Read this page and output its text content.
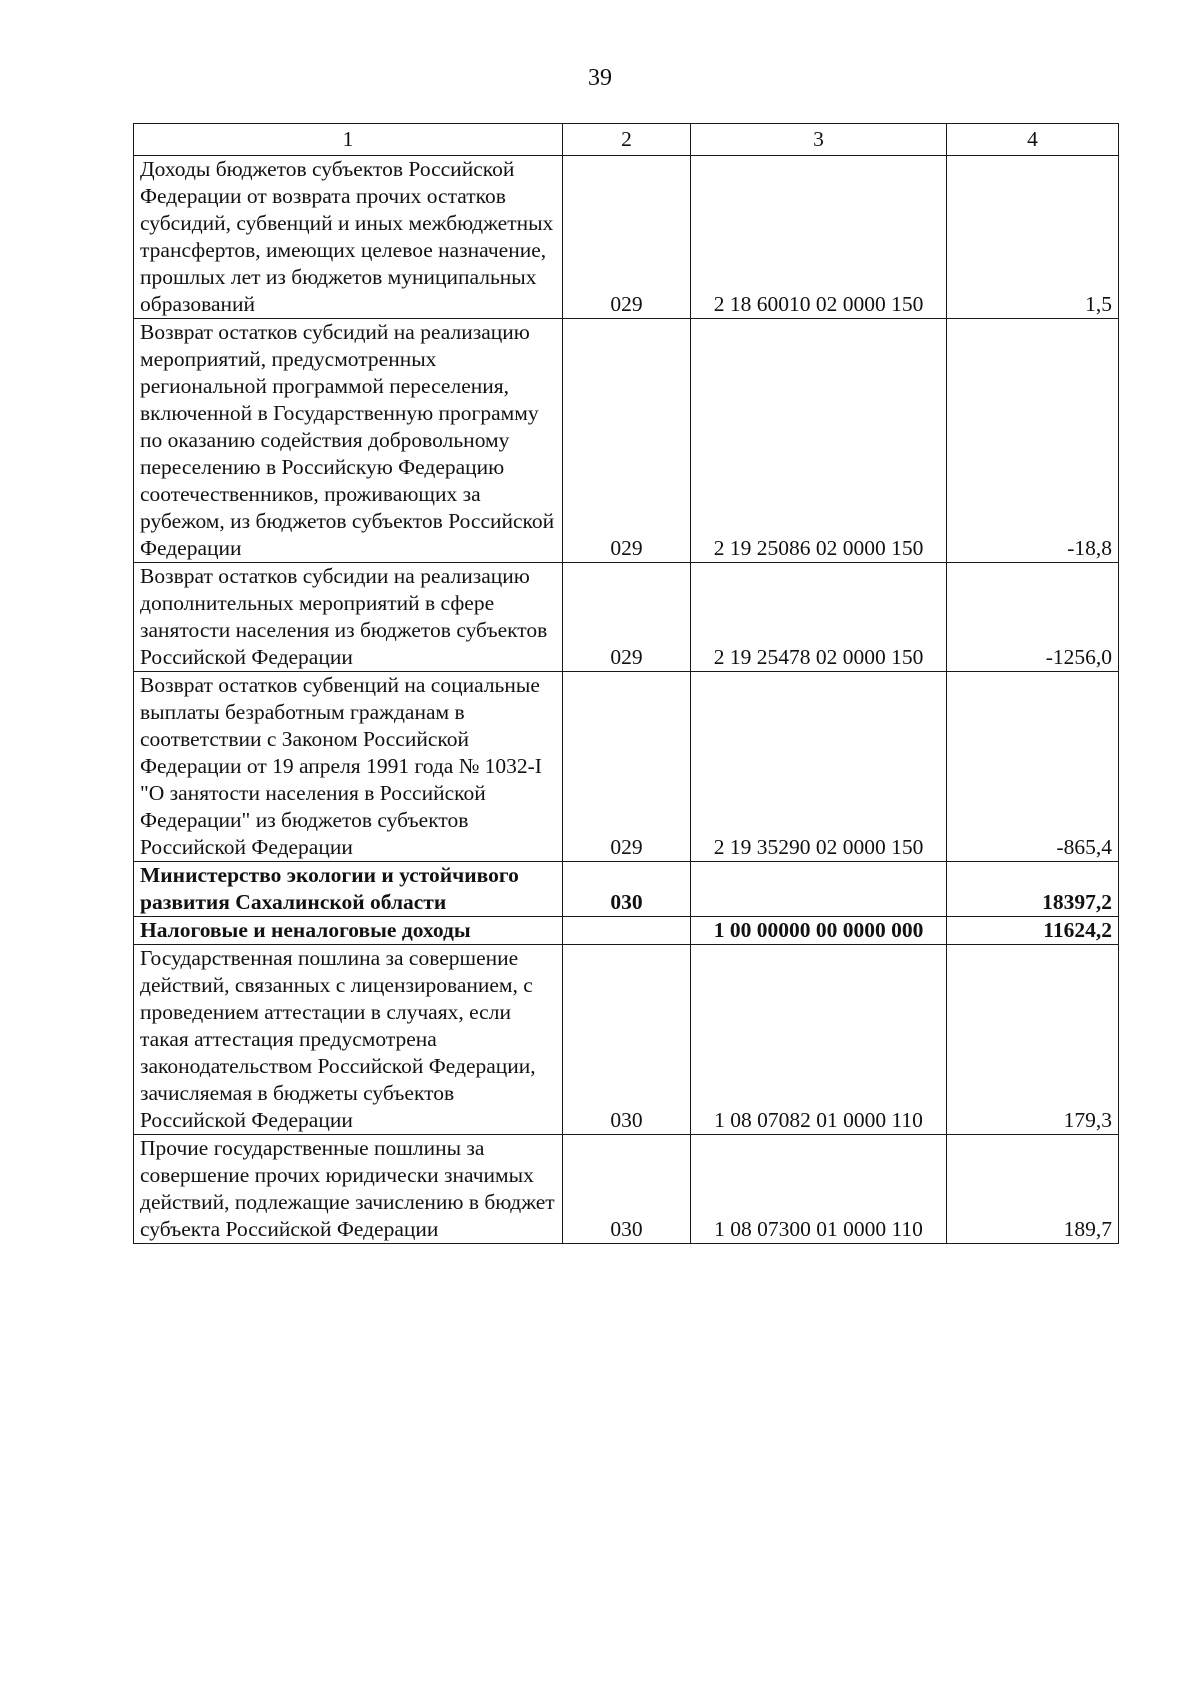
39
1	2	3	4
Доходы бюджетов субъектов Российской Федерации от возврата прочих остатков субсидий, субвенций и иных межбюджетных трансфертов, имеющих целевое назначение, прошлых лет из бюджетов муниципальных образований	029	2 18 60010 02 0000 150	1,5
Возврат остатков субсидий на реализацию мероприятий, предусмотренных региональной программой переселения, включенной в Государственную программу по оказанию содействия добровольному переселению в Российскую Федерацию соотечественников, проживающих за рубежом, из бюджетов субъектов Российской Федерации	029	2 19 25086 02 0000 150	-18,8
Возврат остатков субсидии на реализацию дополнительных мероприятий в сфере занятости населения из бюджетов субъектов Российской Федерации	029	2 19 25478 02 0000 150	-1256,0
Возврат остатков субвенций на социальные выплаты безработным гражданам в соответствии с Законом Российской Федерации от 19 апреля 1991 года № 1032-I "О занятости населения в Российской Федерации" из бюджетов субъектов Российской Федерации	029	2 19 35290 02 0000 150	-865,4
Министерство экологии и устойчивого развития Сахалинской области	030		18397,2
Налоговые и неналоговые доходы		1 00 00000 00 0000 000	11624,2
Государственная пошлина за совершение действий, связанных с лицензированием, с проведением аттестации в случаях, если такая аттестация предусмотрена законодательством Российской Федерации, зачисляемая в бюджеты субъектов Российской Федерации	030	1 08 07082 01 0000 110	179,3
Прочие государственные пошлины за совершение прочих юридически значимых действий, подлежащие зачислению в бюджет субъекта Российской Федерации	030	1 08 07300 01 0000 110	189,7
